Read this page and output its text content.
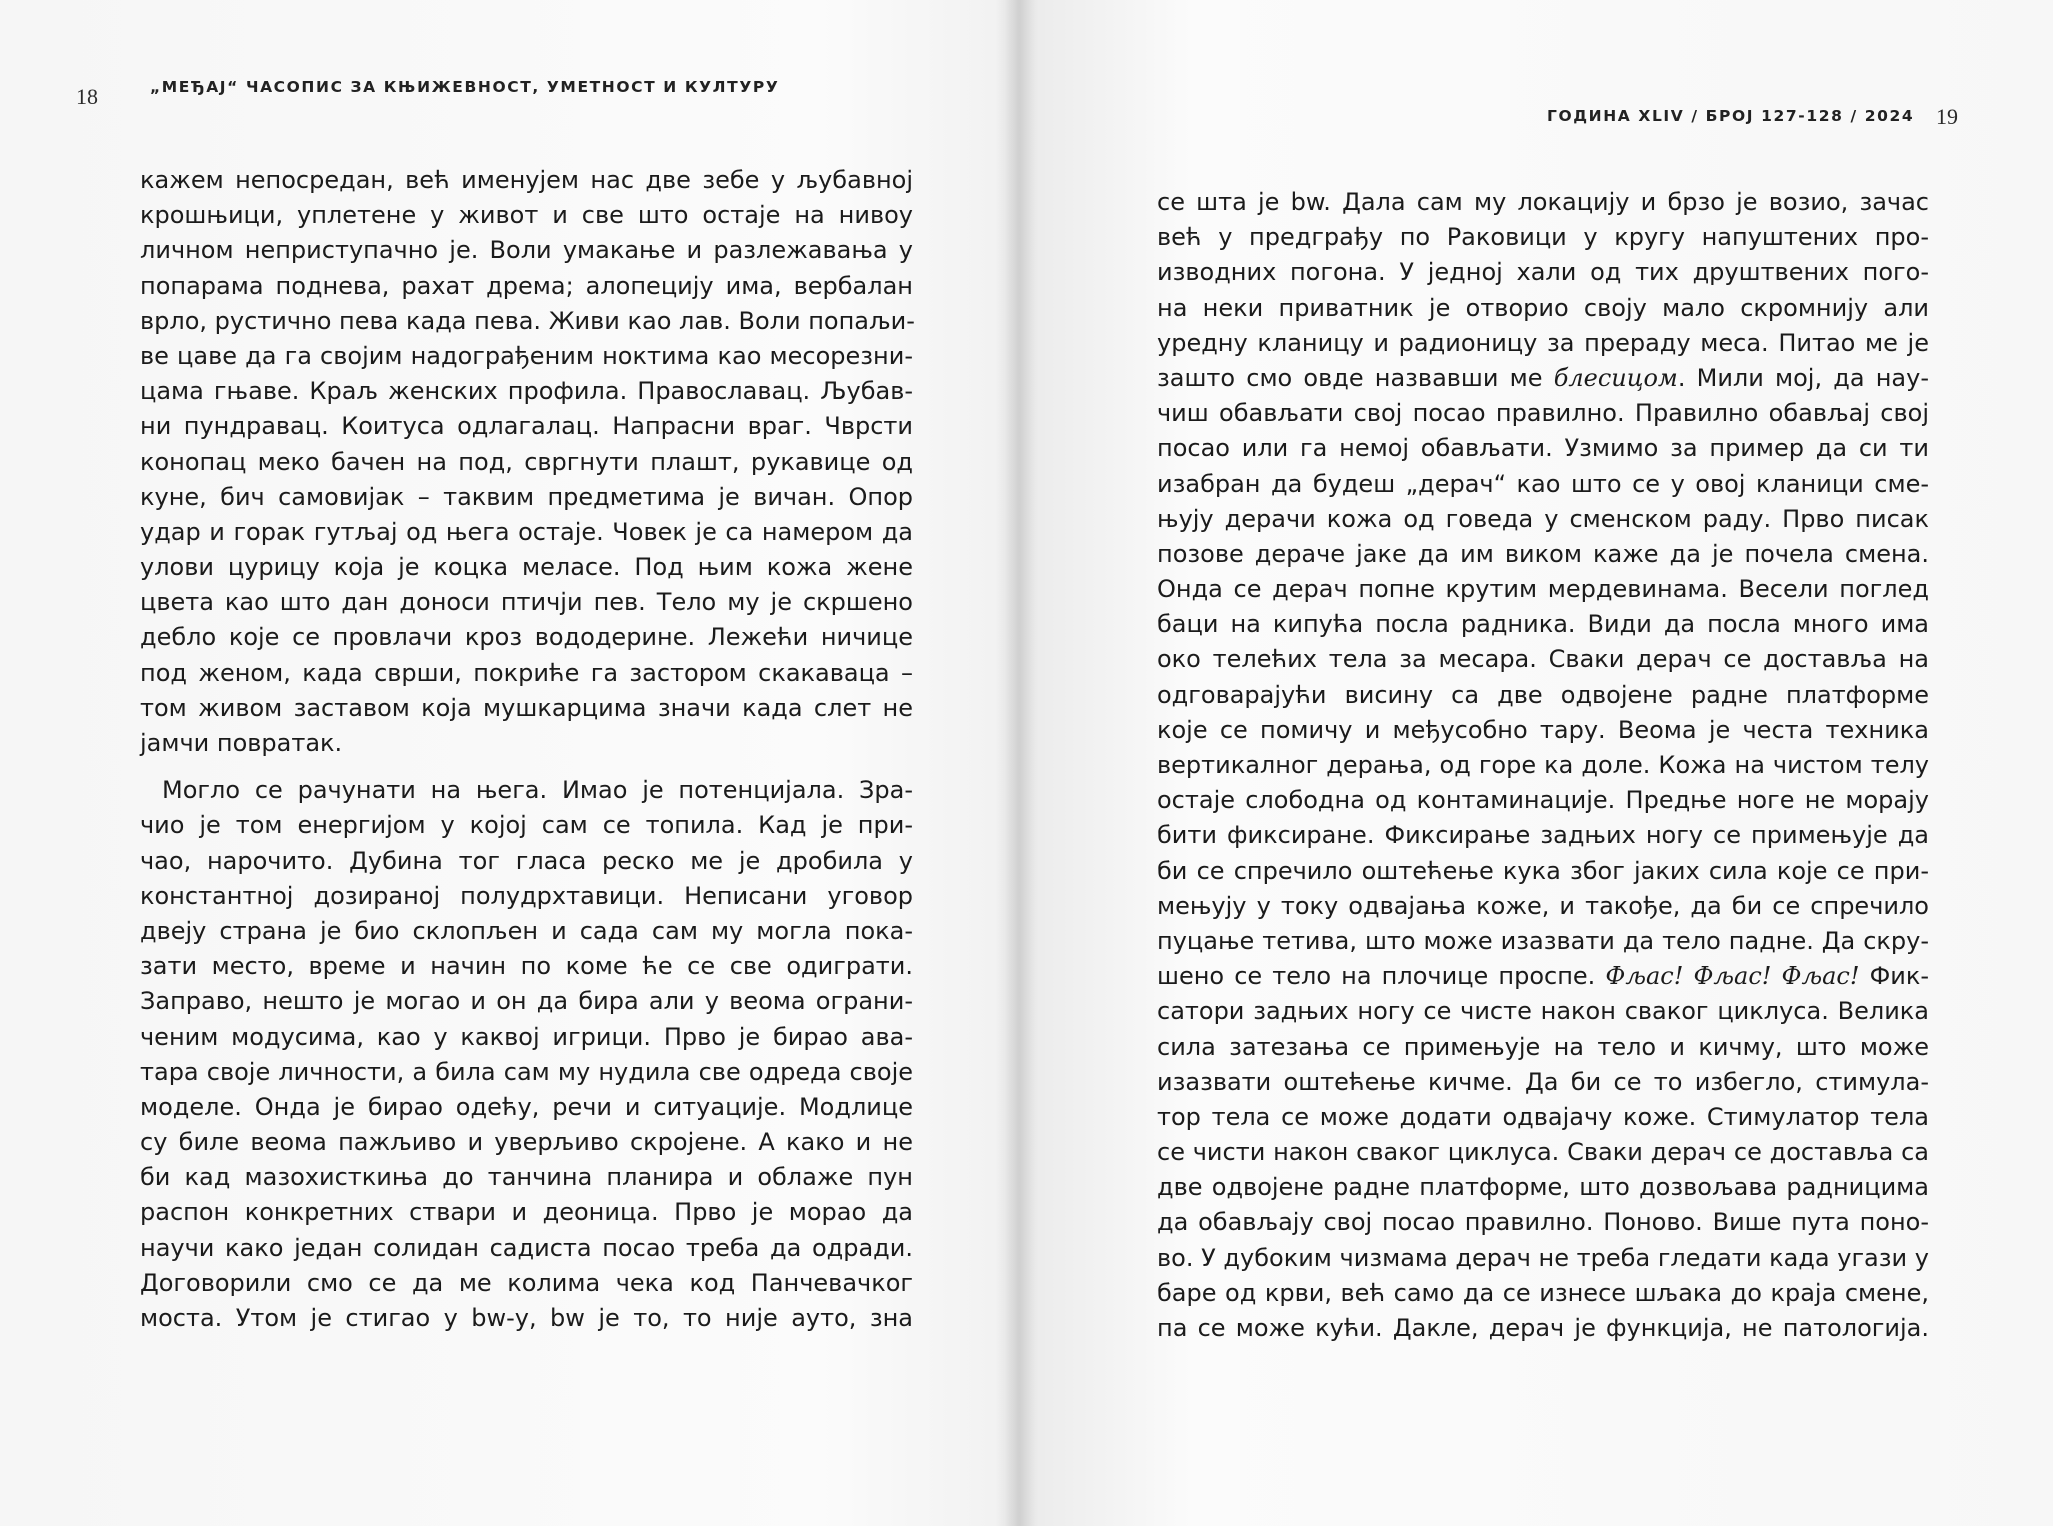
18	„МЕЂАЈ“ ЧАСОПИС ЗА КЊИЖЕВНОСТ, УМЕТНОСТ И КУЛТУРУ
кажем непосредан, већ именујем нас две зебе у љубавној
крошњици, уплетене у живот и све што остаје на нивоу
личном неприступачно је. Воли умакање и разлежавања у
попарама поднева, рахат дрема; алопецију има, вербалан
врло, рустично пева када пева. Живи као лав. Воли попаљи-
ве цаве да га својим надограђеним ноктима као месорезни-
цама гњаве. Краљ женских профила. Православац. Љубав-
ни пундравац. Коитуса одлагалац. Напрасни враг. Чврсти
конопац меко бачен на под, свргнути плашт, рукавице од
куне, бич самовијак – таквим предметима је вичан. Опор
удар и горак гутљај од њега остаје. Човек је са намером да
улови цурицу која је коцка меласе. Под њим кожа жене
цвета као што дан доноси птичји пев. Тело му је скршено
дебло које се провлачи кроз вододерине. Лежећи ничице
под женом, када сврши, покриће га застором скакаваца –
том живом заставом која мушкарцима значи када слет не
јамчи повратак.
Могло се рачунати на њега. Имао је потенцијала. Зра-
чио је том енергијом у којој сам се топила. Кад је при-
чао, нарочито. Дубина тог гласа реско ме је дробила у
константној дозираној полудрхтавици. Неписани уговор
двеју страна је био склопљен и сада сам му могла пока-
зати место, време и начин по коме ће се све одиграти.
Заправо, нешто је могао и он да бира али у веома ограни-
ченим модусима, као у каквој игрици. Прво је бирао ава-
тара своје личности, а била сам му нудила све одреда своје
моделе. Онда је бирао одећу, речи и ситуације. Модлице
су биле веома пажљиво и уверљиво скројене. А како и не
би кад мазохисткиња до танчина планира и облаже пун
распон конкретних ствари и деоница. Прво је морао да
научи како један солидан садиста посао треба да одради.
Договорили смо се да ме колима чека код Панчевачког
моста. Утом је стигао у bw-у, bw је то, то није ауто, зна
ГОДИНА XLIV / БРОЈ 127-128 / 2024 19
се шта је bw. Дала сам му локацију и брзо је возио, зачас
већ у предграђу по Раковици у кругу напуштених про-
изводних погона. У једној хали од тих друштвених пого-
на неки приватник је отворио своју мало скромнију али
уредну кланицу и радионицу за прераду меса. Питао ме је
зашто смо овде назвавши ме блесицом. Мили мој, да нау-
чиш обављати свој посао правилно. Правилно обављај свој
посао или га немој обављати. Узмимо за пример да си ти
изабран да будеш „дерач“ као што се у овој кланици сме-
њују дерачи кожа од говеда у сменском раду. Прво писак
позове дераче јаке да им виком каже да је почела смена.
Онда се дерач попне крутим мердевинама. Весели поглед
баци на кипућа посла радника. Види да посла много има
око телећих тела за месара. Сваки дерач се доставља на
одговарајући висину са две одвојене радне платформе
које се помичу и међусобно тару. Веома је честа техника
вертикалног дерања, од горе ка доле. Кожа на чистом телу
остаје слободна од контаминације. Предње ноге не морају
бити фиксиране. Фиксирање задњих ногу се примењује да
би се спречило оштећење кука због јаких сила које се при-
мењују у току одвајања коже, и такође, да би се спречило
пуцање тетива, што може изазвати да тело падне. Да скру-
шено се тело на плочице проспе. Фљас! Фљас! Фљас! Фик-
сатори задњих ногу се чисте након сваког циклуса. Велика
сила затезања се примењује на тело и кичму, што може
изазвати оштећење кичме. Да би се то избегло, стимула-
тор тела се може додати одвајачу коже. Стимулатор тела
се чисти након сваког циклуса. Сваки дерач се доставља са
две одвојене радне платформе, што дозвољава радницима
да обављају свој посао правилно. Поново. Више пута поно-
во. У дубоким чизмама дерач не треба гледати када угази у
баре од крви, већ само да се изнесе шљака до краја смене,
па се може кући. Дакле, дерач је функција, не патологија.
